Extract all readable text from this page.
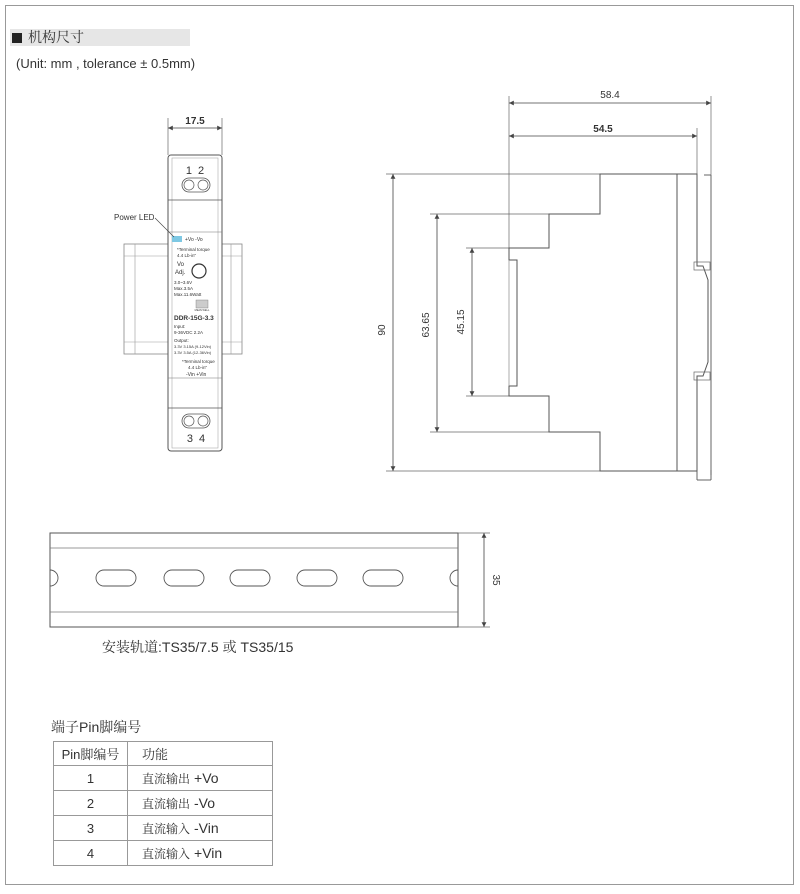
机构尺寸
(Unit: mm , tolerance ± 0.5mm)
17.5
1  2
3  4
Power LED
+Vo -Vo
*Terminal torque
4.4 Lb-in"
Vo
Adj.
3.0~3.6V
Max.3.5A
Max.11.6Watt
MEAN WELL
DDR-15G-3.3
Input:
9-36VDC 2.2A
Output:
3.3V 3.15A (9-12Vin)
3.3V 3.5A (12-36Vin)
*Terminal torque
4.4 Lb-in"
-Vin +Vin
58.4
54.5
90	63.65 45.15
35
安装轨道:TS35/7.5 或 TS35/15
端子Pin脚编号
Pin脚编号	功能
1	直流输出 +Vo
2	直流输出 -Vo
3	直流输入 -Vin
4	直流输入 +Vin
